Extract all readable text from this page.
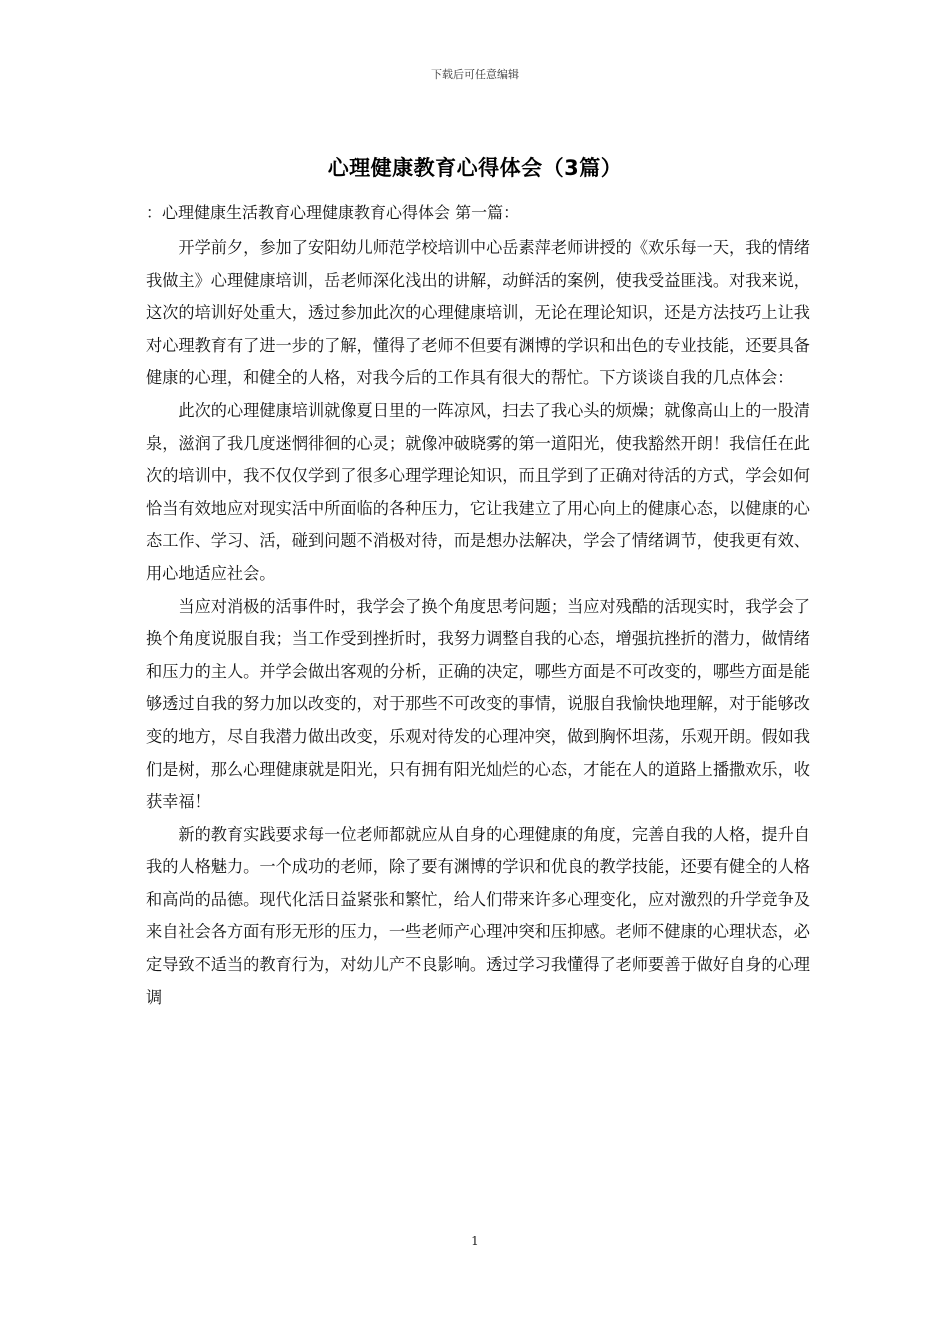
下载后可任意编辑
心理健康教育心得体会（3篇）
：心理健康生活教育心理健康教育心得体会 第一篇：

开学前夕，参加了安阳幼儿师范学校培训中心岳素萍老师讲授的《欢乐每一天，我的情绪我做主》心理健康培训，岳老师深化浅出的讲解，动鲜活的案例，使我受益匪浅。对我来说，这次的培训好处重大，透过参加此次的心理健康培训，无论在理论知识，还是方法技巧上让我对心理教育有了进一步的了解，懂得了老师不但要有渊博的学识和出色的专业技能，还要具备健康的心理，和健全的人格，对我今后的工作具有很大的帮忙。下方谈谈自我的几点体会：

此次的心理健康培训就像夏日里的一阵凉风，扫去了我心头的烦燥；就像高山上的一股清泉，滋润了我几度迷惘徘徊的心灵；就像冲破晓雾的第一道阳光，使我豁然开朗！我信任在此次的培训中，我不仅仅学到了很多心理学理论知识，而且学到了正确对待活的方式，学会如何恰当有效地应对现实活中所面临的各种压力，它让我建立了用心向上的健康心态，以健康的心态工作、学习、活，碰到问题不消极对待，而是想办法解决，学会了情绪调节，使我更有效、用心地适应社会。

当应对消极的活事件时，我学会了换个角度思考问题；当应对残酷的活现实时，我学会了换个角度说服自我；当工作受到挫折时，我努力调整自我的心态，增强抗挫折的潜力，做情绪和压力的主人。并学会做出客观的分析，正确的决定，哪些方面是不可改变的，哪些方面是能够透过自我的努力加以改变的，对于那些不可改变的事情，说服自我愉快地理解，对于能够改变的地方，尽自我潜力做出改变，乐观对待发的心理冲突，做到胸怀坦荡，乐观开朗。假如我们是树，那么心理健康就是阳光，只有拥有阳光灿烂的心态，才能在人的道路上播撒欢乐，收获幸福！

新的教育实践要求每一位老师都就应从自身的心理健康的角度，完善自我的人格，提升自我的人格魅力。一个成功的老师，除了要有渊博的学识和优良的教学技能，还要有健全的人格和高尚的品德。现代化活日益紧张和繁忙，给人们带来许多心理变化，应对激烈的升学竞争及来自社会各方面有形无形的压力，一些老师产心理冲突和压抑感。老师不健康的心理状态，必定导致不适当的教育行为，对幼儿产不良影响。透过学习我懂得了老师要善于做好自身的心理调

1
